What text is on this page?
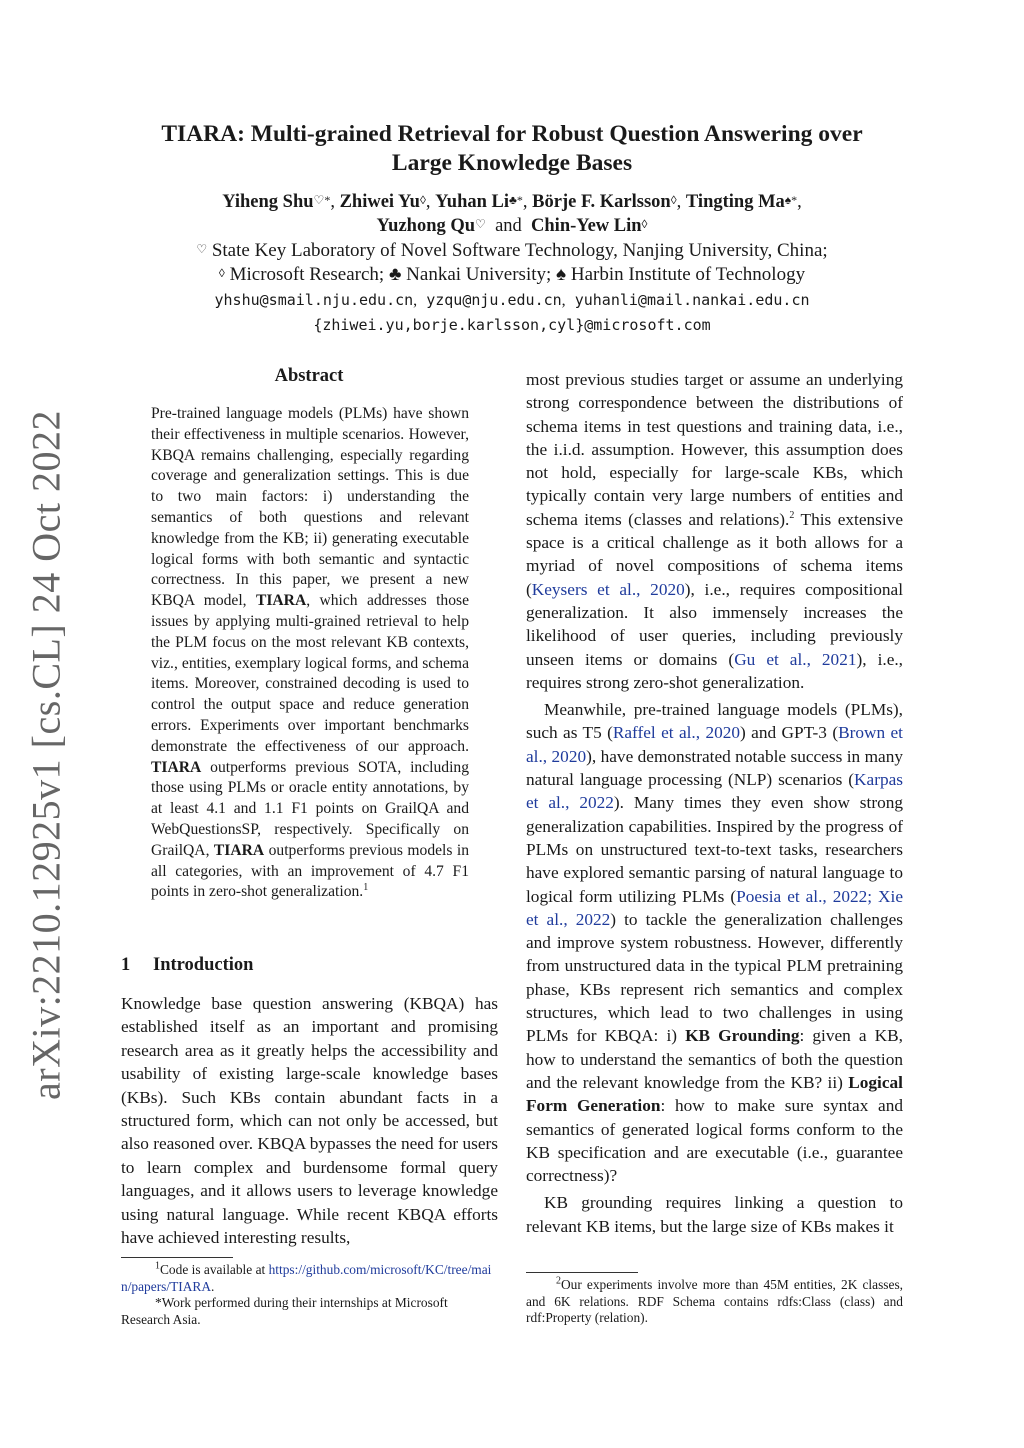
arXiv:2210.12925v1 [cs.CL] 24 Oct 2022
TIARA: Multi-grained Retrieval for Robust Question Answering over
Large Knowledge Bases
Yiheng Shu♡*, Zhiwei Yu◊, Yuhan Li♣*, Börje F. Karlsson◊, Tingting Ma♠*,
Yuzhong Qu♡ and Chin-Yew Lin◊
♡ State Key Laboratory of Novel Software Technology, Nanjing University, China;
◊ Microsoft Research; ♣ Nankai University; ♠ Harbin Institute of Technology
yhshu@smail.nju.edu.cn, yzqu@nju.edu.cn, yuhanli@mail.nankai.edu.cn
{zhiwei.yu,borje.karlsson,cyl}@microsoft.com
Abstract
Pre-trained language models (PLMs) have shown their effectiveness in multiple scenarios. However, KBQA remains challenging, especially regarding coverage and generalization settings. This is due to two main factors: i) understanding the semantics of both questions and relevant knowledge from the KB; ii) generating executable logical forms with both semantic and syntactic correctness. In this paper, we present a new KBQA model, TIARA, which addresses those issues by applying multi-grained retrieval to help the PLM focus on the most relevant KB contexts, viz., entities, exemplary logical forms, and schema items. Moreover, constrained decoding is used to control the output space and reduce generation errors. Experiments over important benchmarks demonstrate the effectiveness of our approach. TIARA outperforms previous SOTA, including those using PLMs or oracle entity annotations, by at least 4.1 and 1.1 F1 points on GrailQA and WebQuestionsSP, respectively. Specifically on GrailQA, TIARA outperforms previous models in all categories, with an improvement of 4.7 F1 points in zero-shot generalization.$^1$
1 Introduction
Knowledge base question answering (KBQA) has established itself as an important and promising research area as it greatly helps the accessibility and usability of existing large-scale knowledge bases (KBs). Such KBs contain abundant facts in a structured form, which can not only be accessed, but also reasoned over. KBQA bypasses the need for users to learn complex and burdensome formal query languages, and it allows users to leverage knowledge using natural language. While recent KBQA efforts have achieved interesting results,

$^1$Code is available at https://github.com/microsoft/KC/tree/main/papers/TIARA.

*Work performed during their internships at Microsoft Research Asia.

most previous studies target or assume an underlying strong correspondence between the distributions of schema items in test questions and training data, i.e., the i.i.d. assumption. However, this assumption does not hold, especially for large-scale KBs, which typically contain very large numbers of entities and schema items (classes and relations).$^2$ This extensive space is a critical challenge as it both allows for a myriad of novel compositions of schema items (Keysers et al., 2020), i.e., requires compositional generalization. It also immensely increases the likelihood of user queries, including previously unseen items or domains (Gu et al., 2021), i.e., requires strong zero-shot generalization.

Meanwhile, pre-trained language models (PLMs), such as T5 (Raffel et al., 2020) and GPT-3 (Brown et al., 2020), have demonstrated notable success in many natural language processing (NLP) scenarios (Karpas et al., 2022). Many times they even show strong generalization capabilities. Inspired by the progress of PLMs on unstructured text-to-text tasks, researchers have explored semantic parsing of natural language to logical form utilizing PLMs (Poesia et al., 2022; Xie et al., 2022) to tackle the generalization challenges and improve system robustness. However, differently from unstructured data in the typical PLM pretraining phase, KBs represent rich semantics and complex structures, which lead to two challenges in using PLMs for KBQA: i) KB Grounding: given a KB, how to understand the semantics of both the question and the relevant knowledge from the KB? ii) Logical Form Generation: how to make sure syntax and semantics of generated logical forms conform to the KB specification and are executable (i.e., guarantee correctness)?

KB grounding requires linking a question to relevant KB items, but the large size of KBs makes it

$^2$Our experiments involve more than 45M entities, 2K classes, and 6K relations. RDF Schema contains rdfs:Class (class) and rdf:Property (relation).
